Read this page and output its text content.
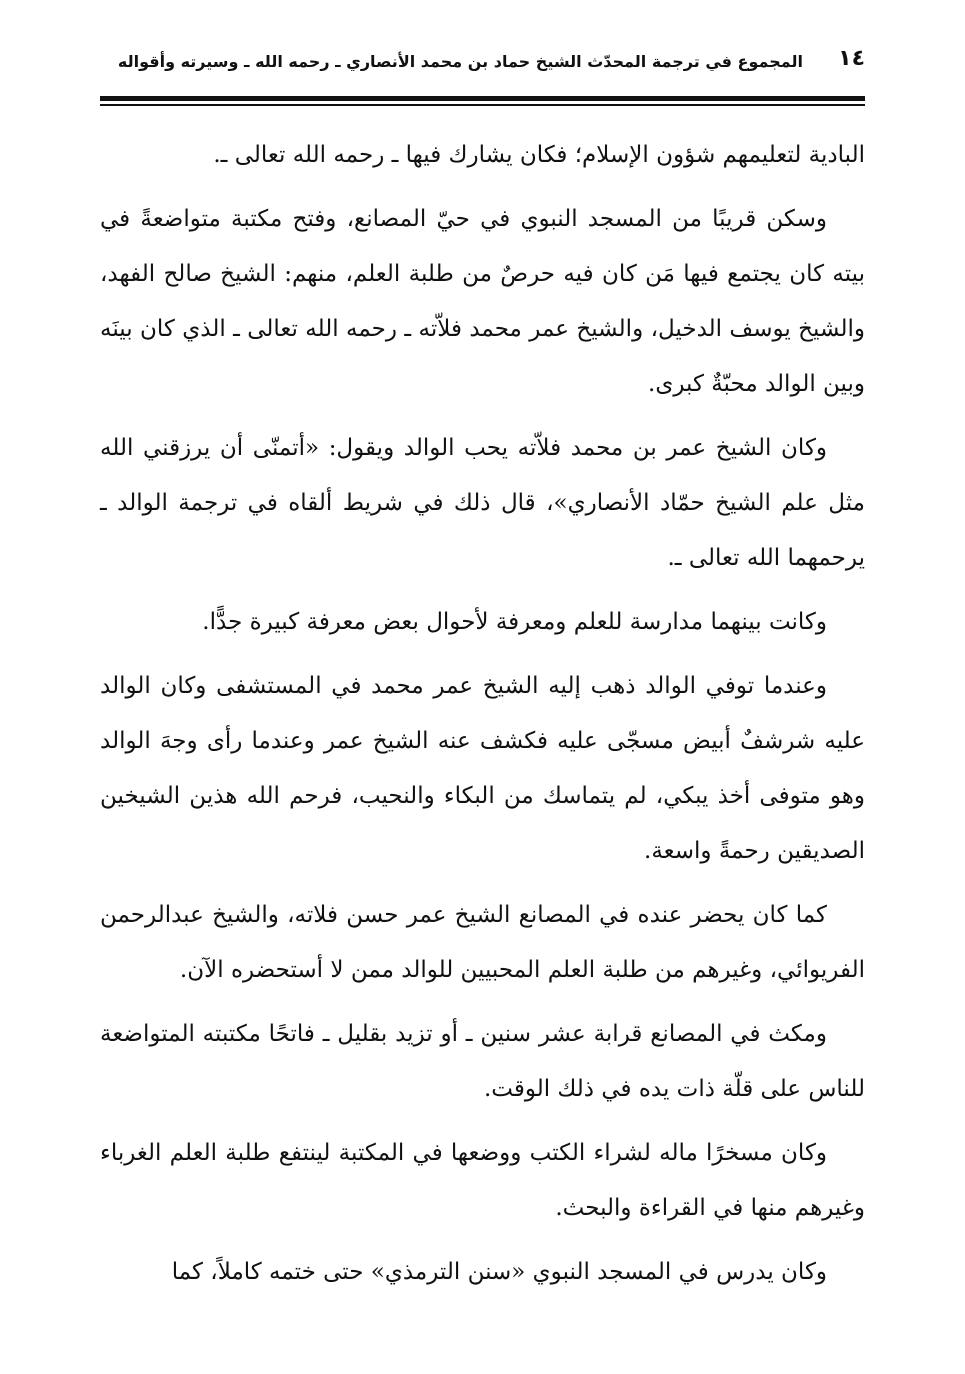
١٤
المجموع في ترجمة المحدّث الشيخ حماد بن محمد الأنصاري ـ رحمه الله ـ وسيرته وأقواله

البادية لتعليمهم شؤون الإسلام؛ فكان يشارك فيها ـ رحمه الله تعالى ـ.

وسكن قريبًا من المسجد النبوي في حيّ المصانع، وفتح مكتبة متواضعةً في بيته كان يجتمع فيها مَن كان فيه حرصٌ من طلبة العلم، منهم: الشيخ صالح الفهد، والشيخ يوسف الدخيل، والشيخ عمر محمد فلاّته ـ رحمه الله تعالى ـ الذي كان بينَه وبين الوالد محبّةٌ كبرى.

وكان الشيخ عمر بن محمد فلاّته يحب الوالد ويقول: «أتمنّى أن يرزقني الله مثل علم الشيخ حمّاد الأنصاري»، قال ذلك في شريط ألقاه في ترجمة الوالد ـ يرحمهما الله تعالى ـ.

وكانت بينهما مدارسة للعلم ومعرفة لأحوال بعض معرفة كبيرة جدًّا.

وعندما توفي الوالد ذهب إليه الشيخ عمر محمد في المستشفى وكان الوالد عليه شرشفٌ أبيض مسجّى عليه فكشف عنه الشيخ عمر وعندما رأى وجهَ الوالد وهو متوفى أخذ يبكي، لم يتماسك من البكاء والنحيب، فرحم الله هذين الشيخين الصديقين رحمةً واسعة.

كما كان يحضر عنده في المصانع الشيخ عمر حسن فلاته، والشيخ عبدالرحمن الفريوائي، وغيرهم من طلبة العلم المحبيين للوالد ممن لا أستحضره الآن.

ومكث في المصانع قرابة عشر سنين ـ أو تزيد بقليل ـ فاتحًا مكتبته المتواضعة للناس على قلّة ذات يده في ذلك الوقت.

وكان مسخرًا ماله لشراء الكتب ووضعها في المكتبة لينتفع طلبة العلم الغرباء وغيرهم منها في القراءة والبحث.

وكان يدرس في المسجد النبوي «سنن الترمذي» حتى ختمه كاملاً، كما
